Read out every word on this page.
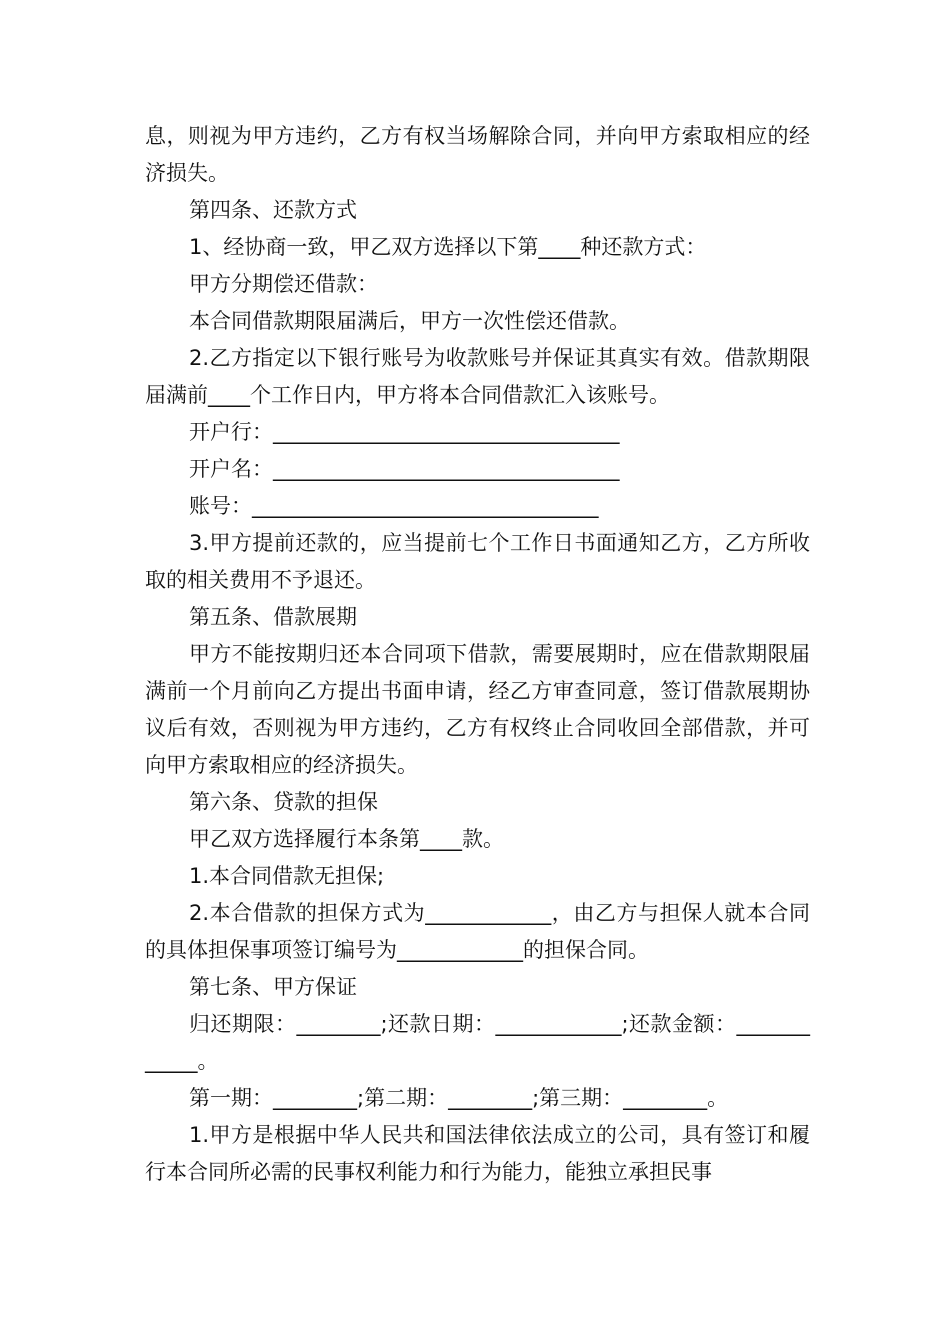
息，则视为甲方违约，乙方有权当场解除合同，并向甲方索取相应的经济损失。

第四条、还款方式

1、经协商一致，甲乙双方选择以下第____种还款方式：

甲方分期偿还借款：

本合同借款期限届满后，甲方一次性偿还借款。

2.乙方指定以下银行账号为收款账号并保证其真实有效。借款期限届满前____个工作日内，甲方将本合同借款汇入该账号。

开户行：_________________________________

开户名：_________________________________

账号：_________________________________

3.甲方提前还款的，应当提前七个工作日书面通知乙方，乙方所收取的相关费用不予退还。

第五条、借款展期

甲方不能按期归还本合同项下借款，需要展期时，应在借款期限届满前一个月前向乙方提出书面申请，经乙方审查同意，签订借款展期协议后有效，否则视为甲方违约，乙方有权终止合同收回全部借款，并可向甲方索取相应的经济损失。

第六条、贷款的担保

甲乙双方选择履行本条第____款。

1.本合同借款无担保;

2.本合借款的担保方式为____________，由乙方与担保人就本合同的具体担保事项签订编号为____________的担保合同。

第七条、甲方保证

归还期限：________;还款日期：____________;还款金额：____________。

第一期：________;第二期：________;第三期：________。

1.甲方是根据中华人民共和国法律依法成立的公司，具有签订和履行本合同所必需的民事权利能力和行为能力，能独立承担民事
